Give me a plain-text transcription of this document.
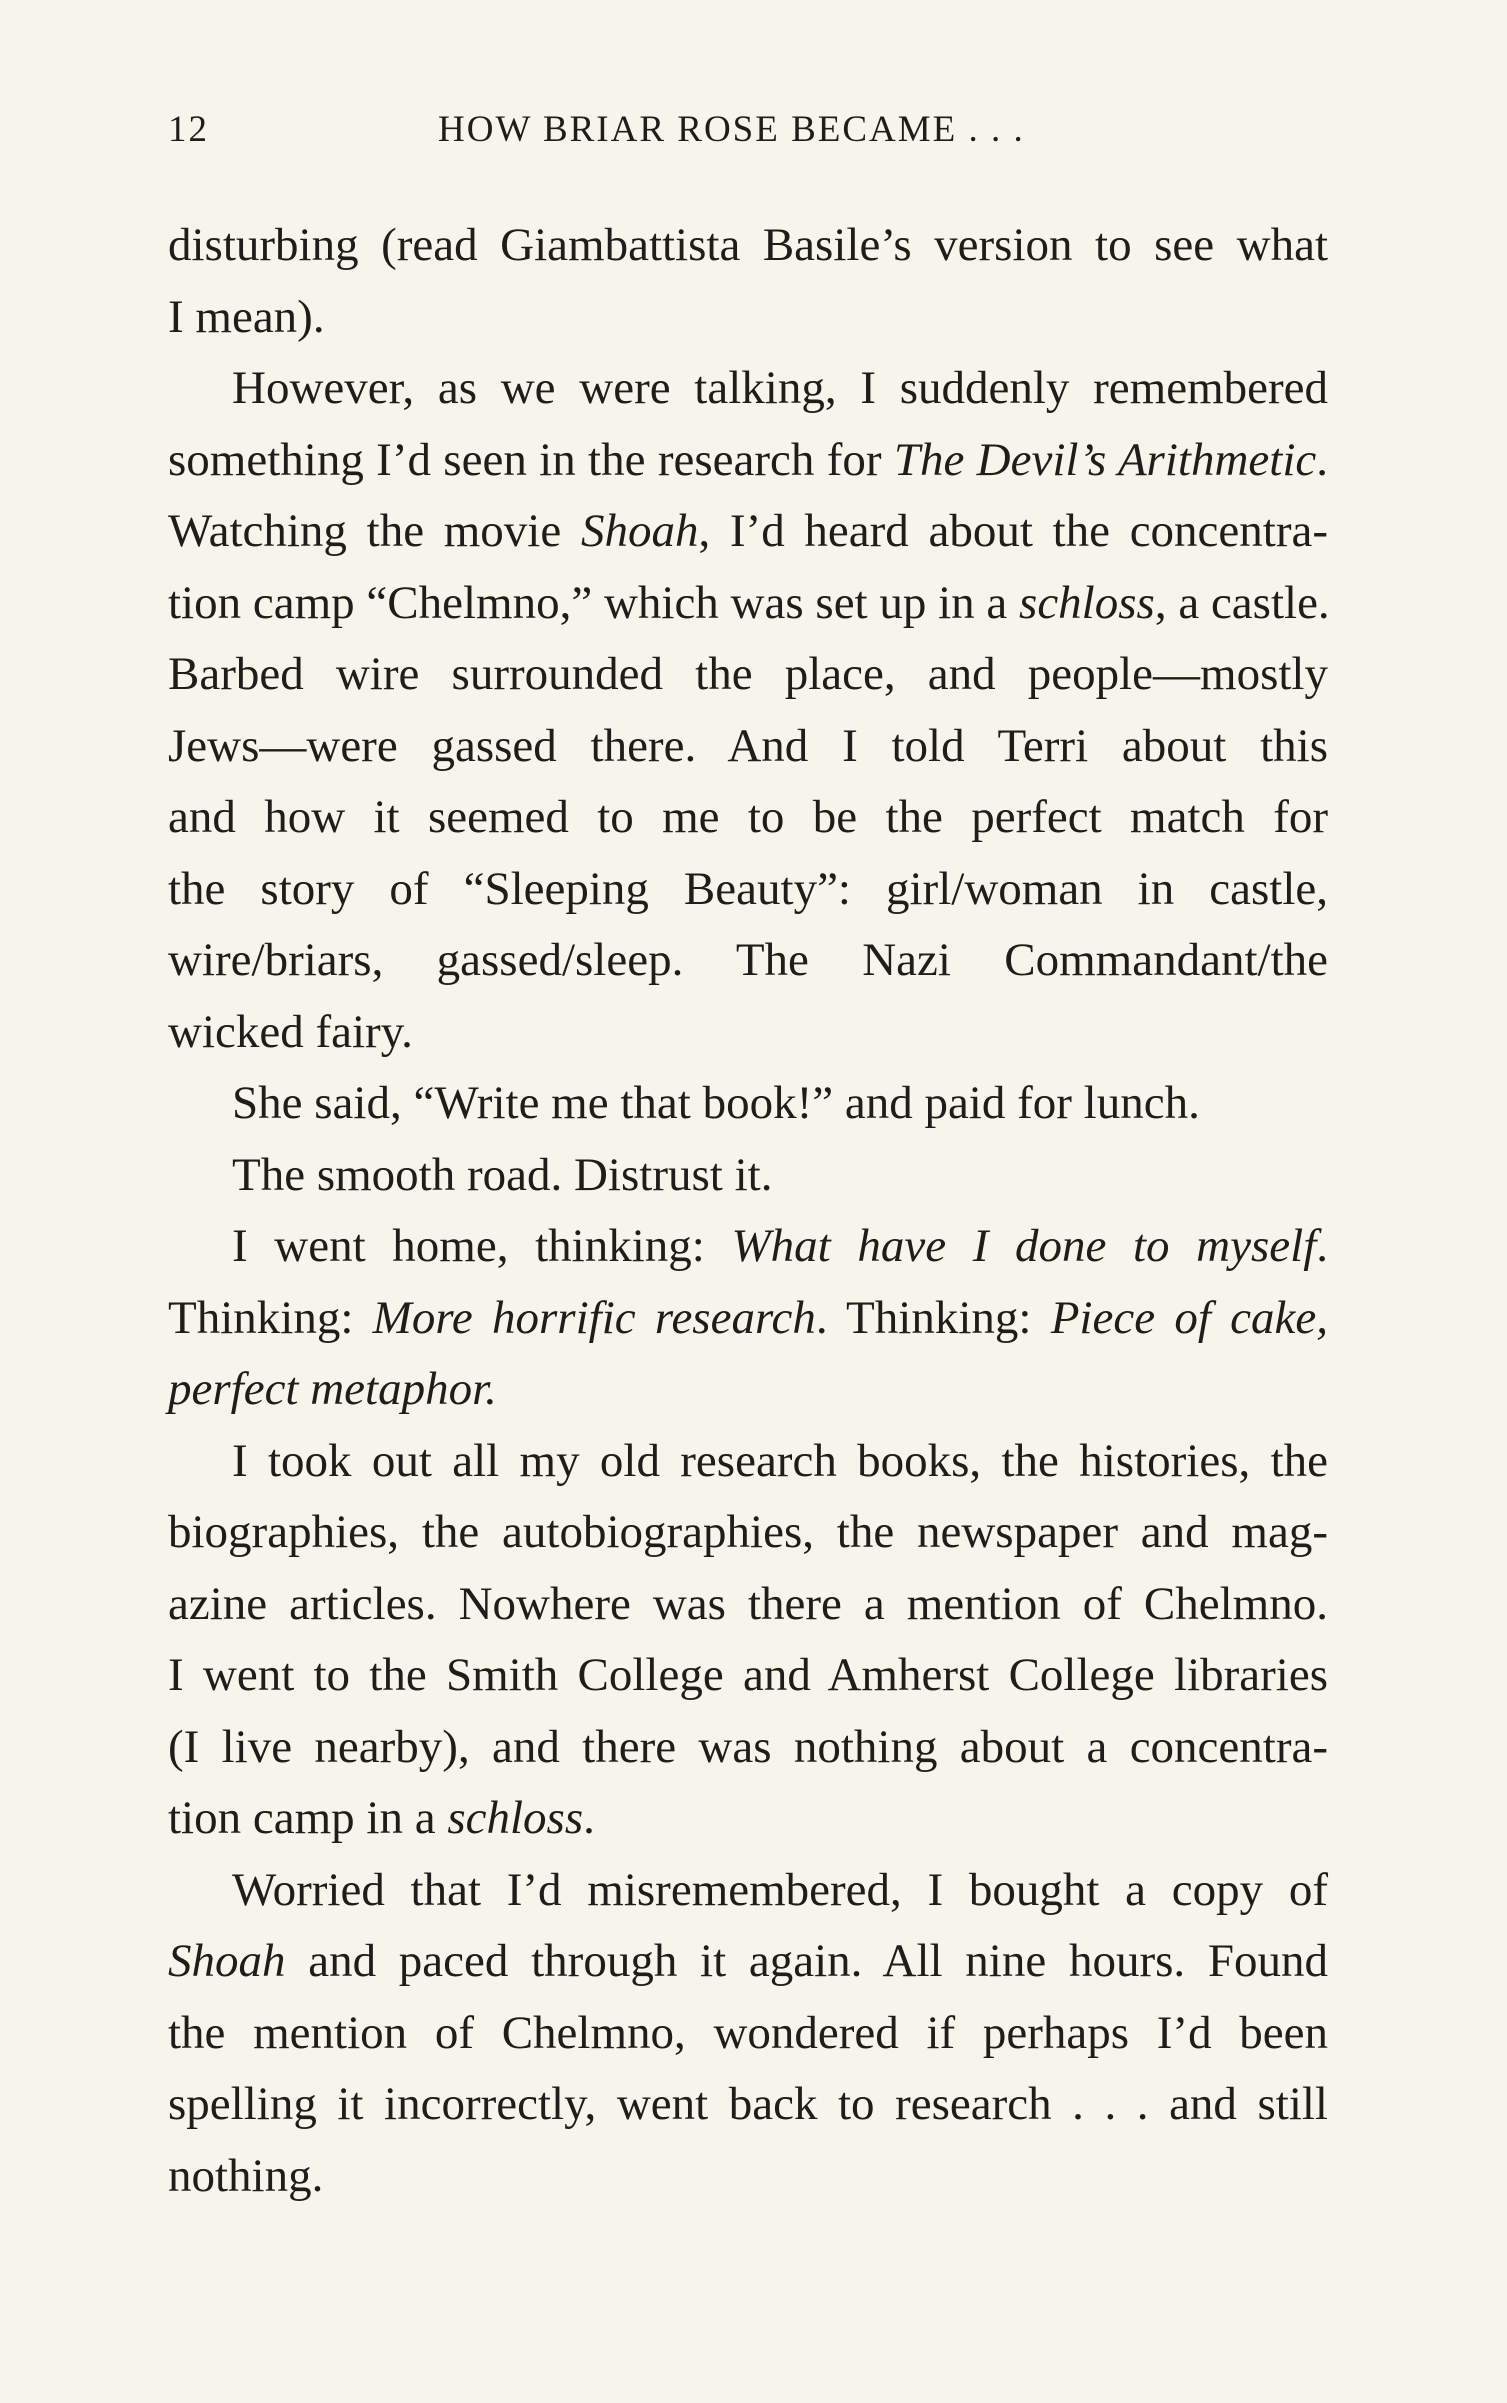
12	HOW BRIAR ROSE BECAME . . .
disturbing (read Giambattista Basile’s version to see what
I mean).
However, as we were talking, I suddenly remembered
something I’d seen in the research for The Devil’s Arithmetic.
Watching the movie Shoah, I’d heard about the concentra-
tion camp “Chelmno,” which was set up in a schloss, a castle.
Barbed wire surrounded the place, and people—mostly
Jews—were gassed there. And I told Terri about this
and how it seemed to me to be the perfect match for
the story of “Sleeping Beauty”: girl/woman in castle,
wire/briars, gassed/sleep. The Nazi Commandant/the
wicked fairy.
She said, “Write me that book!” and paid for lunch.
The smooth road. Distrust it.
I went home, thinking: What have I done to myself.
Thinking: More horrific research. Thinking: Piece of cake,
perfect metaphor.
I took out all my old research books, the histories, the
biographies, the autobiographies, the newspaper and mag-
azine articles. Nowhere was there a mention of Chelmno.
I went to the Smith College and Amherst College libraries
(I live nearby), and there was nothing about a concentra-
tion camp in a schloss.
Worried that I’d misremembered, I bought a copy of
Shoah and paced through it again. All nine hours. Found
the mention of Chelmno, wondered if perhaps I’d been
spelling it incorrectly, went back to research . . . and still
nothing.
